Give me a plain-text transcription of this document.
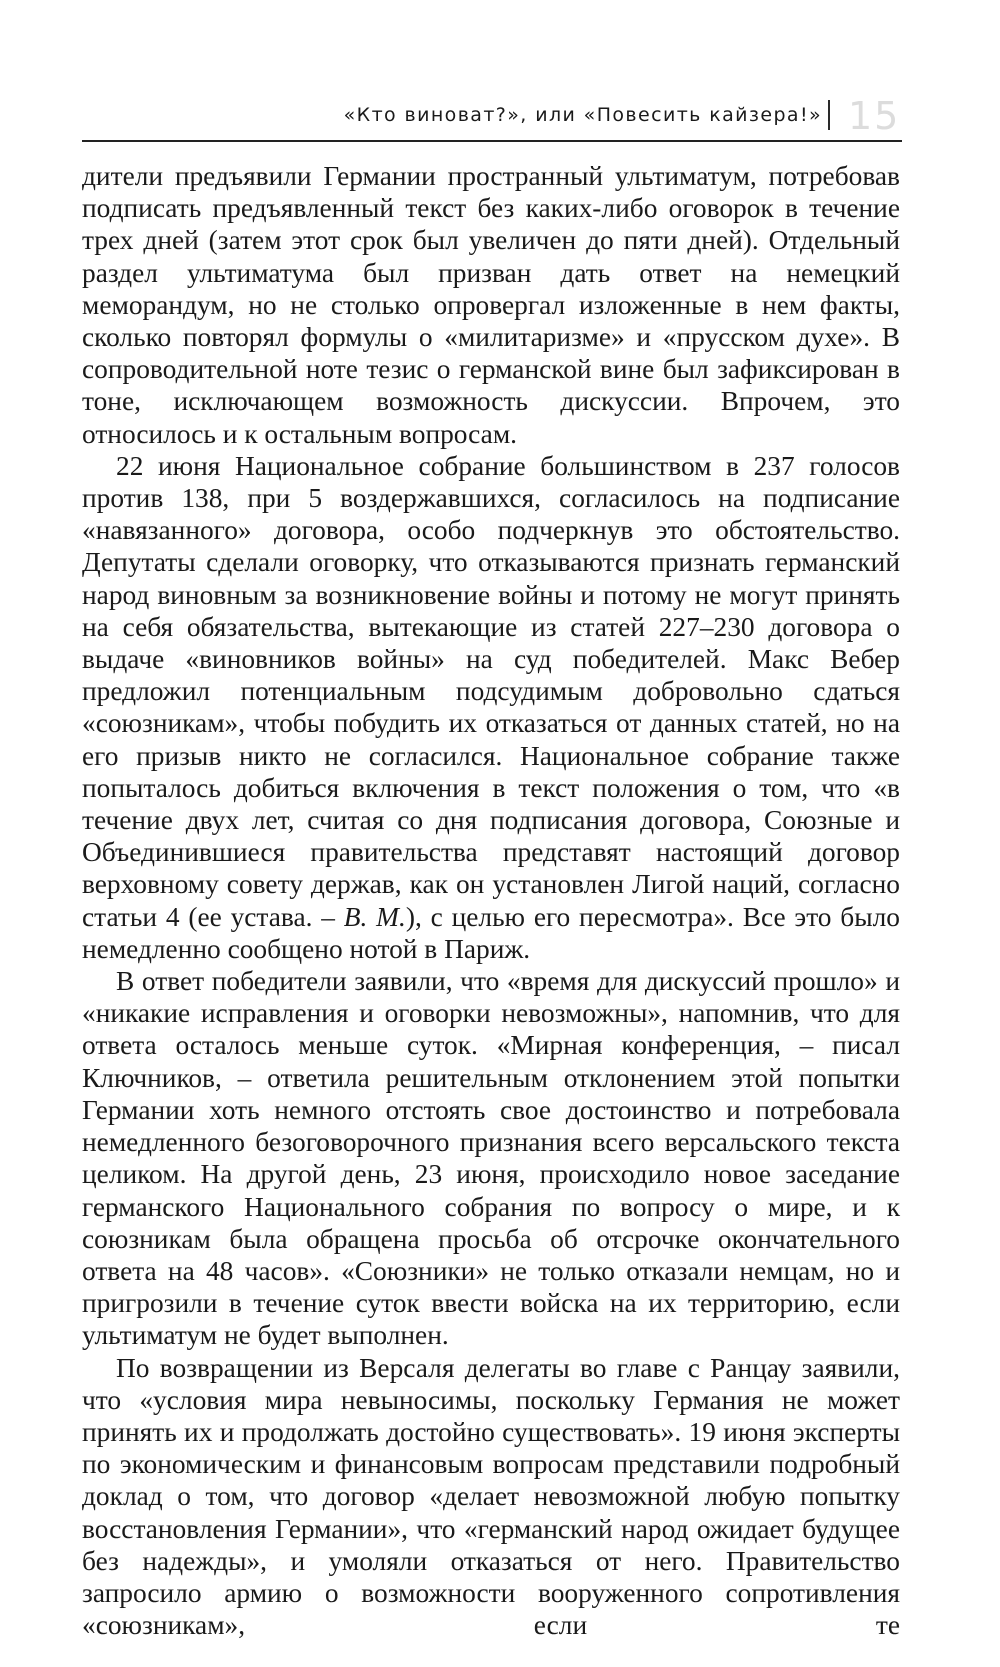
«Кто виноват?», или «Повесить кайзера!» 15

дители предъявили Германии пространный ультиматум, потребовав подписать предъявленный текст без каких-либо оговорок в течение трех дней (затем этот срок был увеличен до пяти дней). Отдельный раздел ультиматума был призван дать ответ на немецкий меморандум, но не столько опровергал изложенные в нем факты, сколько повторял формулы о «милитаризме» и «прусском духе». В сопроводительной ноте тезис о германской вине был зафиксирован в тоне, исключающем возможность дискуссии. Впрочем, это относилось и к остальным вопросам.

22 июня Национальное собрание большинством в 237 голосов против 138, при 5 воздержавшихся, согласилось на подписание «навязанного» договора, особо подчеркнув это обстоятельство. Депутаты сделали оговорку, что отказываются признать германский народ виновным за возникновение войны и потому не могут принять на себя обязательства, вытекающие из статей 227–230 договора о выдаче «виновников войны» на суд победителей. Макс Вебер предложил потенциальным подсудимым добровольно сдаться «союзникам», чтобы побудить их отказаться от данных статей, но на его призыв никто не согласился. Национальное собрание также попыталось добиться включения в текст положения о том, что «в течение двух лет, считая со дня подписания договора, Союзные и Объединившиеся правительства представят настоящий договор верховному совету держав, как он установлен Лигой наций, согласно статьи 4 (ее устава. – В. М.), с целью его пересмотра». Все это было немедленно сообщено нотой в Париж.

В ответ победители заявили, что «время для дискуссий прошло» и «никакие исправления и оговорки невозможны», напомнив, что для ответа осталось меньше суток. «Мирная конференция, – писал Ключников, – ответила решительным отклонением этой попытки Германии хоть немного отстоять свое достоинство и потребовала немедленного безоговорочного признания всего версальского текста целиком. На другой день, 23 июня, происходило новое заседание германского Национального собрания по вопросу о мире, и к союзникам была обращена просьба об отсрочке окончательного ответа на 48 часов». «Союзники» не только отказали немцам, но и пригрозили в течение суток ввести войска на их территорию, если ультиматум не будет выполнен.

По возвращении из Версаля делегаты во главе с Ранцау заявили, что «условия мира невыносимы, поскольку Германия не может принять их и продолжать достойно существовать». 19 июня эксперты по экономическим и финансовым вопросам представили подробный доклад о том, что договор «делает невозможной любую попытку восстановления Германии», что «германский народ ожидает будущее без надежды», и умоляли отказаться от него. Правительство запросило армию о возможности вооруженного сопротивления «союзникам», если те
